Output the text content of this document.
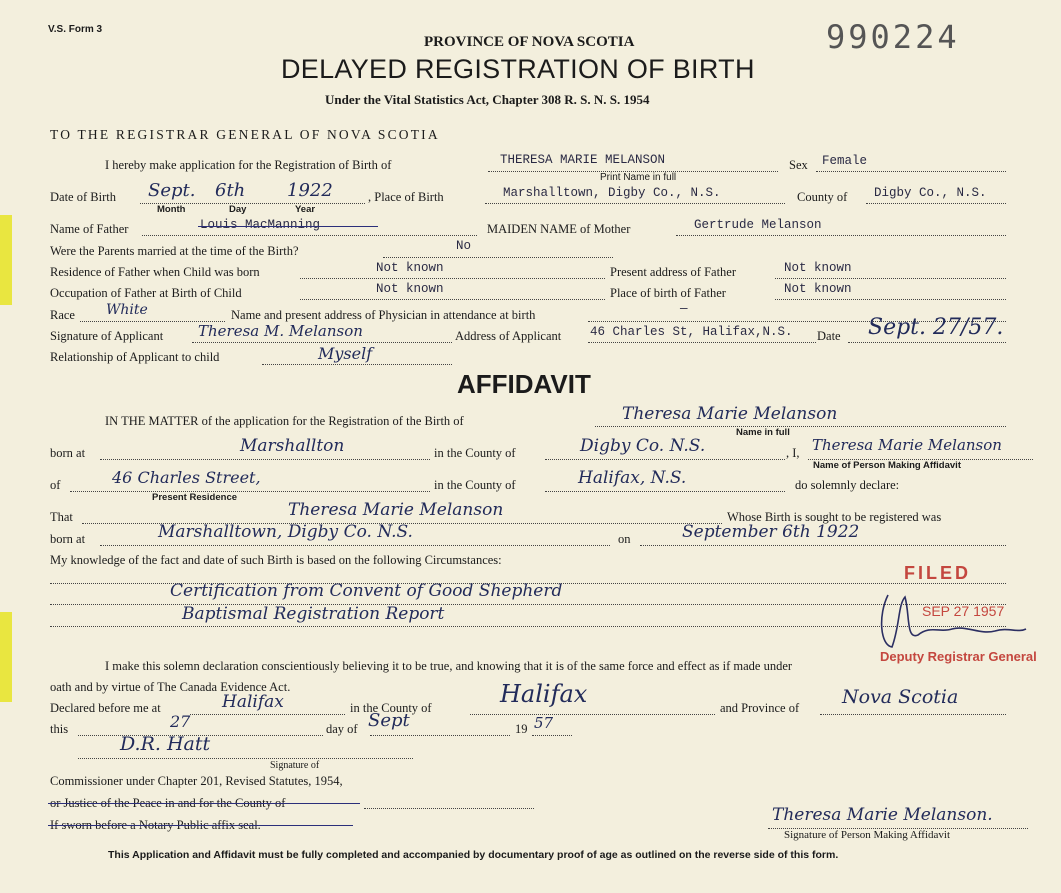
V.S. Form 3	990224
PROVINCE OF NOVA SCOTIA
DELAYED REGISTRATION OF BIRTH
Under the Vital Statistics Act, Chapter 308 R. S. N. S. 1954
TO THE REGISTRAR GENERAL OF NOVA SCOTIA
I hereby make application for the Registration of Birth of	THERESA MARIE MELANSON
Print Name in full
Sex Female
Date of Birth Sept. 6th 1922
Month	Day	Year
, Place of Birth	Marshalltown, Digby Co., N.S.	County of Digby Co., N.S.
Name of Father	Louis MacManning	MAIDEN NAME of Mother	Gertrude Melanson
Were the Parents married at the time of the Birth?	No
Residence of Father when Child was born	Not known	Present address of Father	Not known
Occupation of Father at Birth of Child	Not known	Place of birth of Father	Not known
Race White	Name and present address of Physician in attendance at birth	—
Signature of Applicant Theresa M. Melanson	Address of Applicant 46 Charles St, Halifax,N.S. Date Sept. 27/57.
Relationship of Applicant to child	Myself
AFFIDAVIT
IN THE MATTER of the application for the Registration of the Birth of	Theresa Marie Melanson
Name in full
born at	Marshallton	in the County of	Digby Co. N.S.	, I, Theresa Marie Melanson
Name of Person Making Affidavit
of	46 Charles Street,
Present Residence
in the County of	Halifax, N.S.	do solemnly declare:
That	Theresa Marie Melanson	Whose Birth is sought to be registered was
born at	Marshalltown, Digby Co. N.S.	on	September 6th 1922
My knowledge of the fact and date of such Birth is based on the following Circumstances:
Certification from Convent of Good Shepherd
Baptismal Registration Report
FILED
SEP 27 1957
Deputy Registrar General
I make this solemn declaration conscientiously believing it to be true, and knowing that it is of the same force and effect as if made under
oath and by virtue of The Canada Evidence Act.
Declared before me at	Halifax	in the County of	Halifax	and Province of Nova Scotia
this	27	day of Sept	19 57
D.R. Hatt
Signature of
Commissioner under Chapter 201, Revised Statutes, 1954,
or Justice of the Peace in and for the County of
If sworn before a Notary Public affix seal.	Theresa Marie Melanson.
Signature of Person Making Affidavit
This Application and Affidavit must be fully completed and accompanied by documentary proof of age as outlined on the reverse side of this form.
